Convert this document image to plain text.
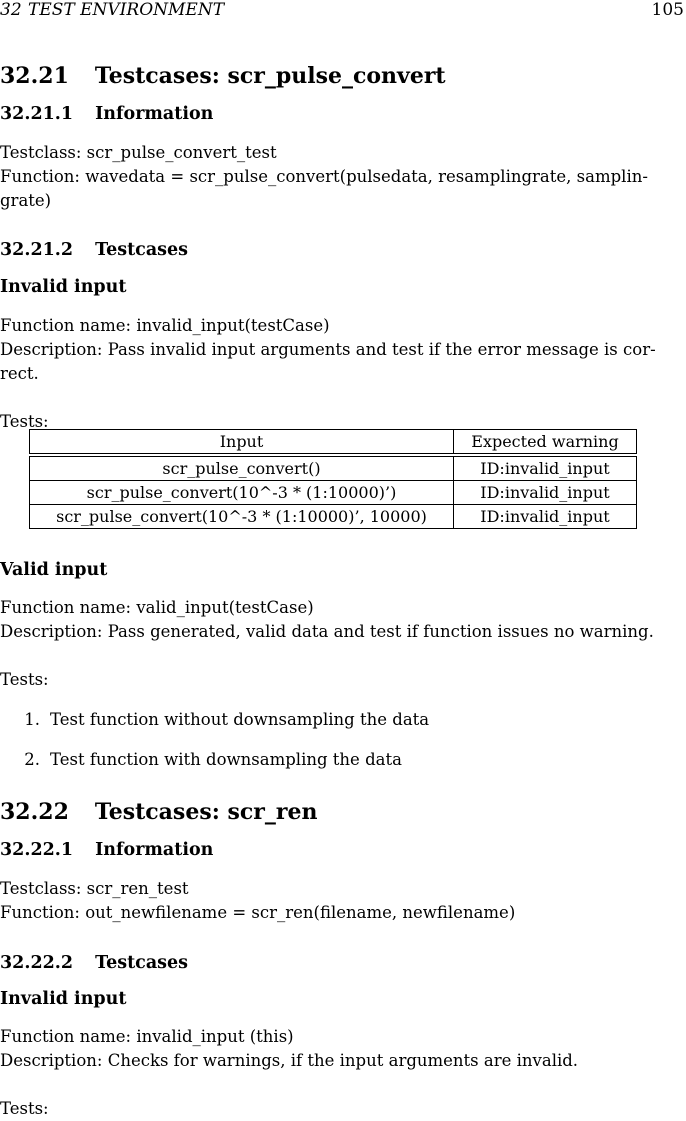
32 TEST ENVIRONMENT	105
32.21 Testcases: scr_pulse_convert
32.21.1 Information
Testclass: scr_pulse_convert_test
Function: wavedata = scr_pulse_convert(pulsedata, resamplingrate, samplin-
grate)
32.21.2 Testcases
Invalid input
Function name: invalid_input(testCase)
Description: Pass invalid input arguments and test if the error message is cor-
rect.
Tests:
Input	Expected warning
scr_pulse_convert()	ID:invalid_input
scr_pulse_convert(10^-3 * (1:10000)’)	ID:invalid_input
scr_pulse_convert(10^-3 * (1:10000)’, 10000)	ID:invalid_input
Valid input
Function name: valid_input(testCase)
Description: Pass generated, valid data and test if function issues no warning.
Tests:
1. Test function without downsampling the data
2. Test function with downsampling the data
32.22 Testcases: scr_ren
32.22.1 Information
Testclass: scr_ren_test
Function: out_newfilename = scr_ren(filename, newfilename)
32.22.2 Testcases
Invalid input
Function name: invalid_input (this)
Description: Checks for warnings, if the input arguments are invalid.
Tests:
